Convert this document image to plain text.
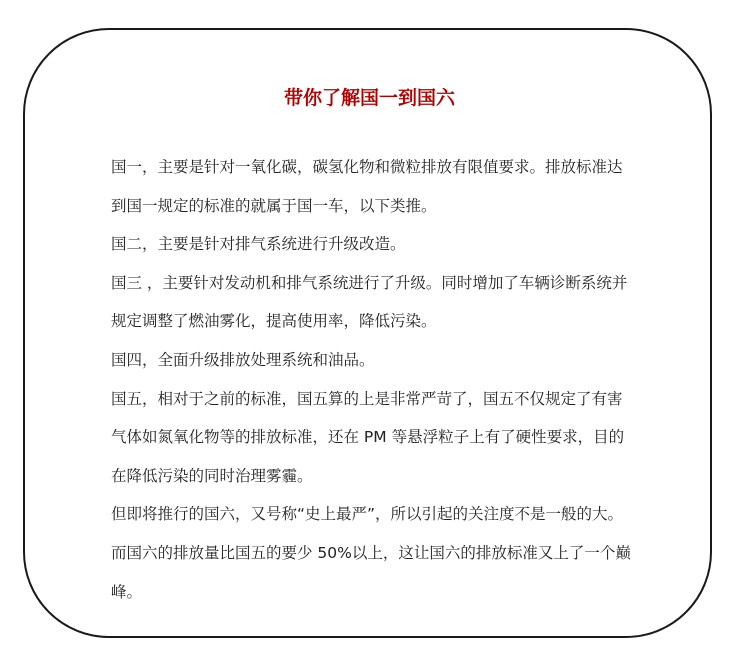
带你了解国一到国六

国一，主要是针对一氧化碳，碳氢化物和微粒排放有限值要求。排放标准达到国一规定的标准的就属于国一车，以下类推。

国二，主要是针对排气系统进行升级改造。

国三 ，主要针对发动机和排气系统进行了升级。同时增加了车辆诊断系统并规定调整了燃油雾化，提高使用率，降低污染。

国四，全面升级排放处理系统和油品。

国五，相对于之前的标准，国五算的上是非常严苛了，国五不仅规定了有害气体如氮氧化物等的排放标准，还在 PM 等悬浮粒子上有了硬性要求，目的在降低污染的同时治理雾霾。

但即将推行的国六，又号称“史上最严”，所以引起的关注度不是一般的大。而国六的排放量比国五的要少 50%以上，这让国六的排放标准又上了一个巅峰。
